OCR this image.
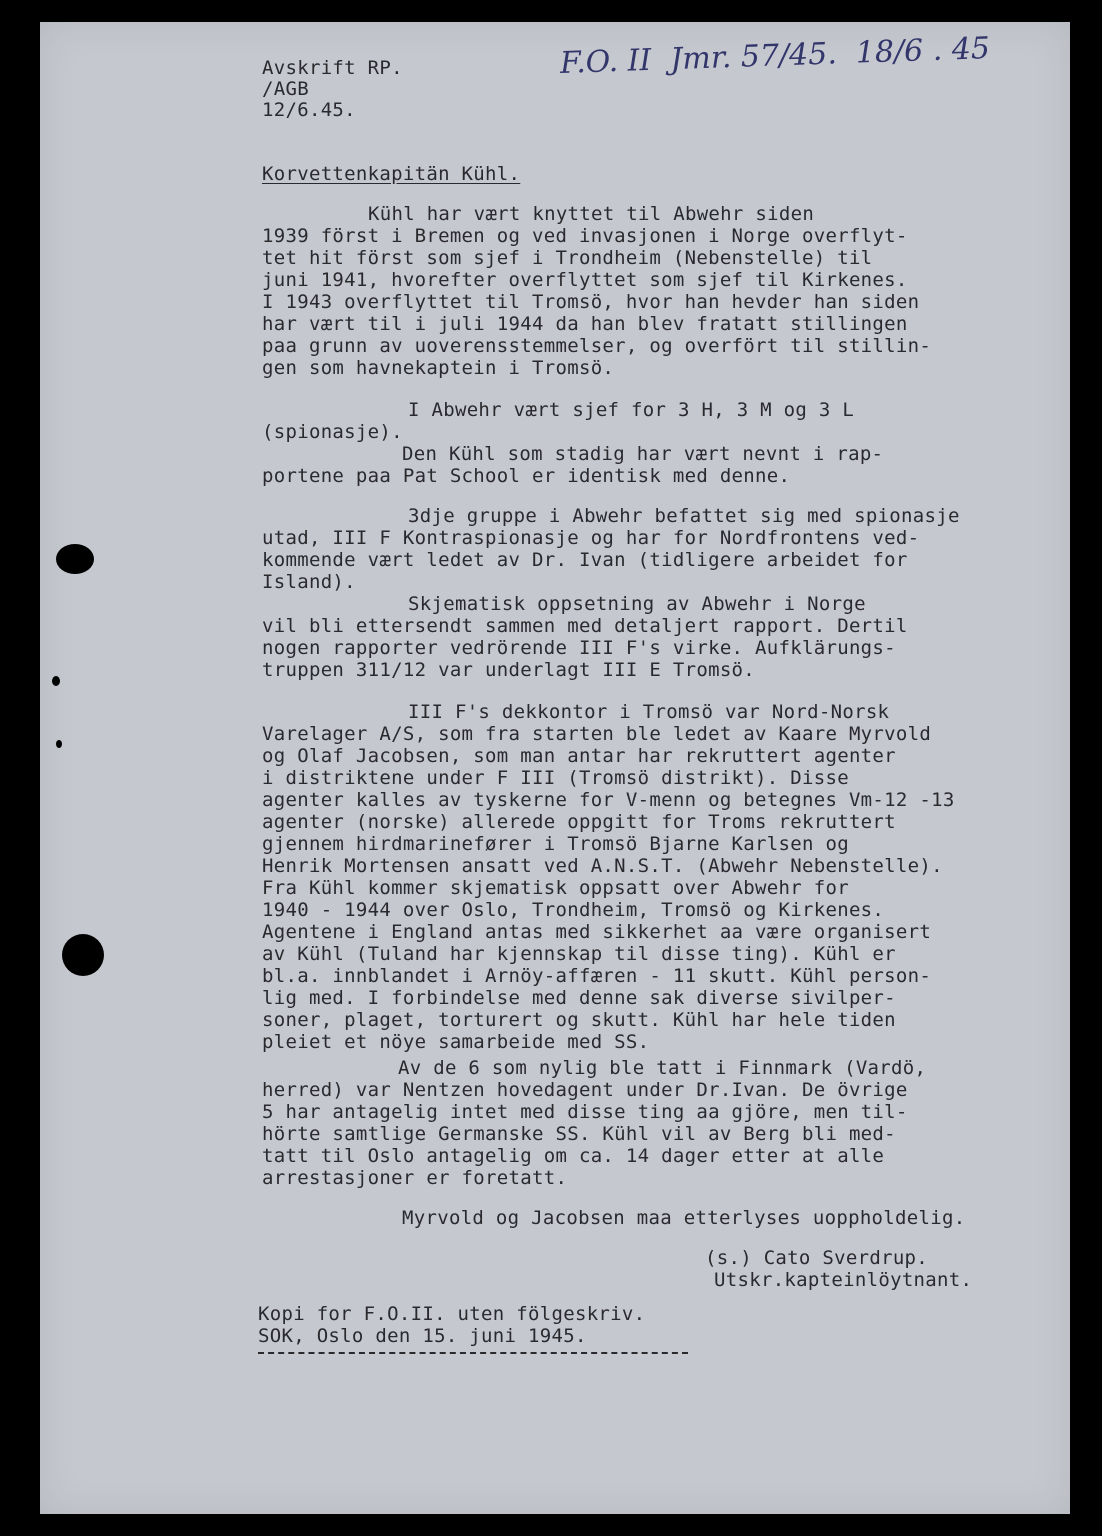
Avskrift RP.
/AGB
12/6.45.
F.O. II  Jmr. 57/45.  18/6 . 45
Korvettenkapitän Kühl.
Kühl har vært knyttet til Abwehr siden
1939 först i Bremen og ved invasjonen i Norge overflyt-
tet hit först som sjef i Trondheim (Nebenstelle) til
juni 1941, hvorefter overflyttet som sjef til Kirkenes.
I 1943 overflyttet til Tromsö, hvor han hevder han siden
har vært til i juli 1944 da han blev fratatt stillingen
paa grunn av uoverensstemmelser, og overfört til stillin-
gen som havnekaptein i Tromsö.
I Abwehr vært sjef for 3 H, 3 M og 3 L
(spionasje).
Den Kühl som stadig har vært nevnt i rap-
portene paa Pat School er identisk med denne.
3dje gruppe i Abwehr befattet sig med spionasje
utad, III F Kontraspionasje og har for Nordfrontens ved-
kommende vært ledet av Dr. Ivan (tidligere arbeidet for
Island).
Skjematisk oppsetning av Abwehr i Norge
vil bli ettersendt sammen med detaljert rapport. Dertil
nogen rapporter vedrörende III F's virke. Aufklärungs-
truppen 311/12 var underlagt III E Tromsö.
III F's dekkontor i Tromsö var Nord-Norsk
Varelager A/S, som fra starten ble ledet av Kaare Myrvold
og Olaf Jacobsen, som man antar har rekruttert agenter
i distriktene under F III (Tromsö distrikt). Disse
agenter kalles av tyskerne for V-menn og betegnes Vm-12 -13
agenter (norske) allerede oppgitt for Troms rekruttert
gjennem hirdmarinefører i Tromsö Bjarne Karlsen og
Henrik Mortensen ansatt ved A.N.S.T. (Abwehr Nebenstelle).
Fra Kühl kommer skjematisk oppsatt over Abwehr for
1940 - 1944 over Oslo, Trondheim, Tromsö og Kirkenes.
Agentene i England antas med sikkerhet aa være organisert
av Kühl (Tuland har kjennskap til disse ting). Kühl er
bl.a. innblandet i Arnöy-affæren - 11 skutt. Kühl person-
lig med. I forbindelse med denne sak diverse sivilper-
soner, plaget, torturert og skutt. Kühl har hele tiden
pleiet et nöye samarbeide med SS.
Av de 6 som nylig ble tatt i Finnmark (Vardö,
herred) var Nentzen hovedagent under Dr.Ivan. De övrige
5 har antagelig intet med disse ting aa gjöre, men til-
hörte samtlige Germanske SS. Kühl vil av Berg bli med-
tatt til Oslo antagelig om ca. 14 dager etter at alle
arrestasjoner er foretatt.
Myrvold og Jacobsen maa etterlyses uoppholdelig.
(s.) Cato Sverdrup.
Utskr.kapteinlöytnant.
Kopi for F.O.II. uten fölgeskriv.
SOK, Oslo den 15. juni 1945.
